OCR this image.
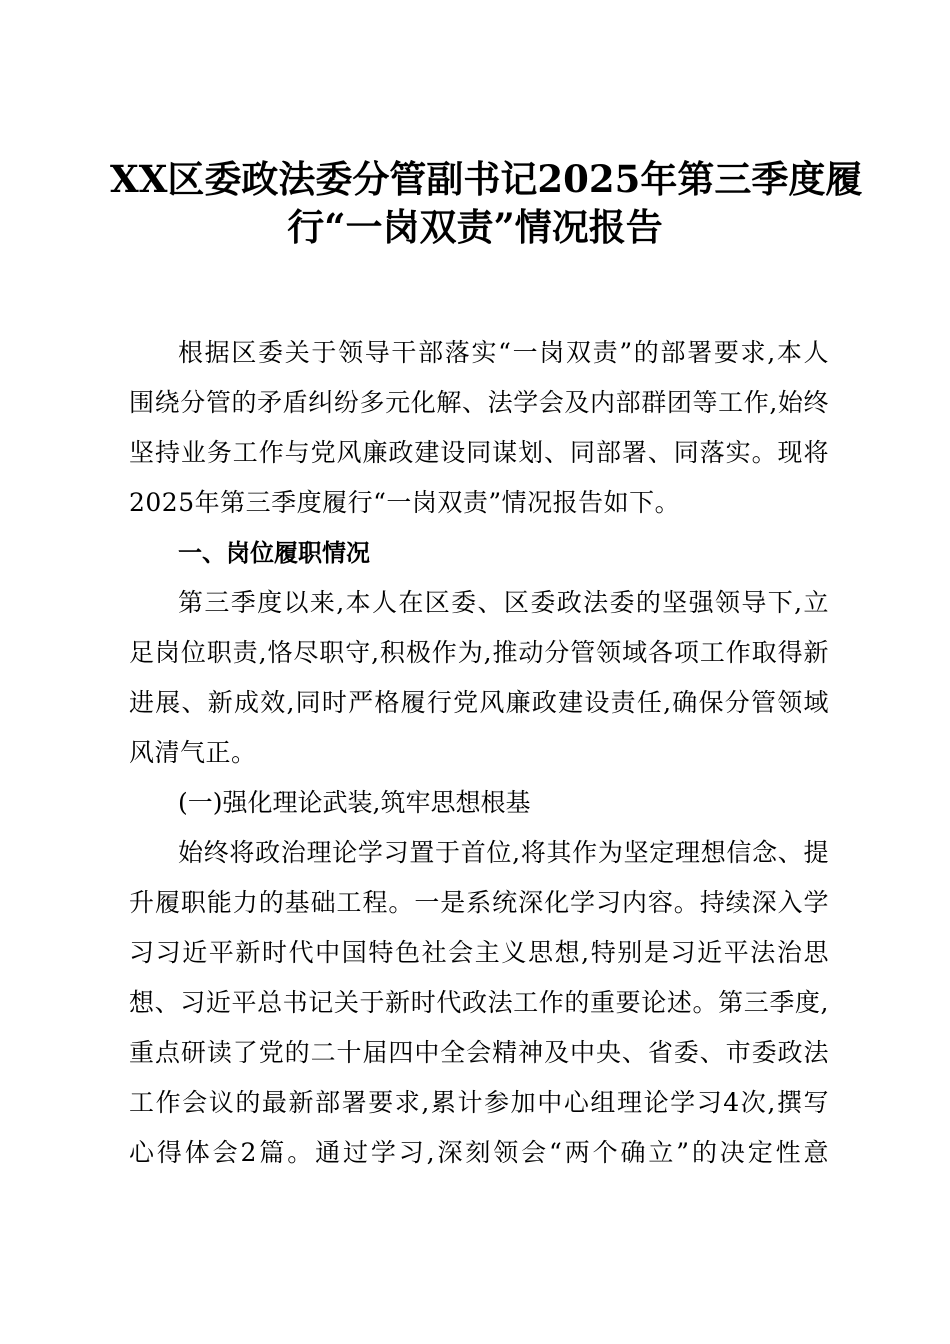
XX区委政法委分管副书记2025年第三季度履
行“一岗双责”情况报告
根据区委关于领导干部落实“一岗双责”的部署要求,本人
围绕分管的矛盾纠纷多元化解、法学会及内部群团等工作,始终
坚持业务工作与党风廉政建设同谋划、同部署、同落实。现将
2025年第三季度履行“一岗双责”情况报告如下。
一、岗位履职情况
第三季度以来,本人在区委、区委政法委的坚强领导下,立
足岗位职责,恪尽职守,积极作为,推动分管领域各项工作取得新
进展、新成效,同时严格履行党风廉政建设责任,确保分管领域
风清气正。
(一)强化理论武装,筑牢思想根基
始终将政治理论学习置于首位,将其作为坚定理想信念、提
升履职能力的基础工程。一是系统深化学习内容。持续深入学
习习近平新时代中国特色社会主义思想,特别是习近平法治思
想、习近平总书记关于新时代政法工作的重要论述。第三季度,
重点研读了党的二十届四中全会精神及中央、省委、市委政法
工作会议的最新部署要求,累计参加中心组理论学习4次,撰写
心得体会2篇。通过学习,深刻领会“两个确立”的决定性意
